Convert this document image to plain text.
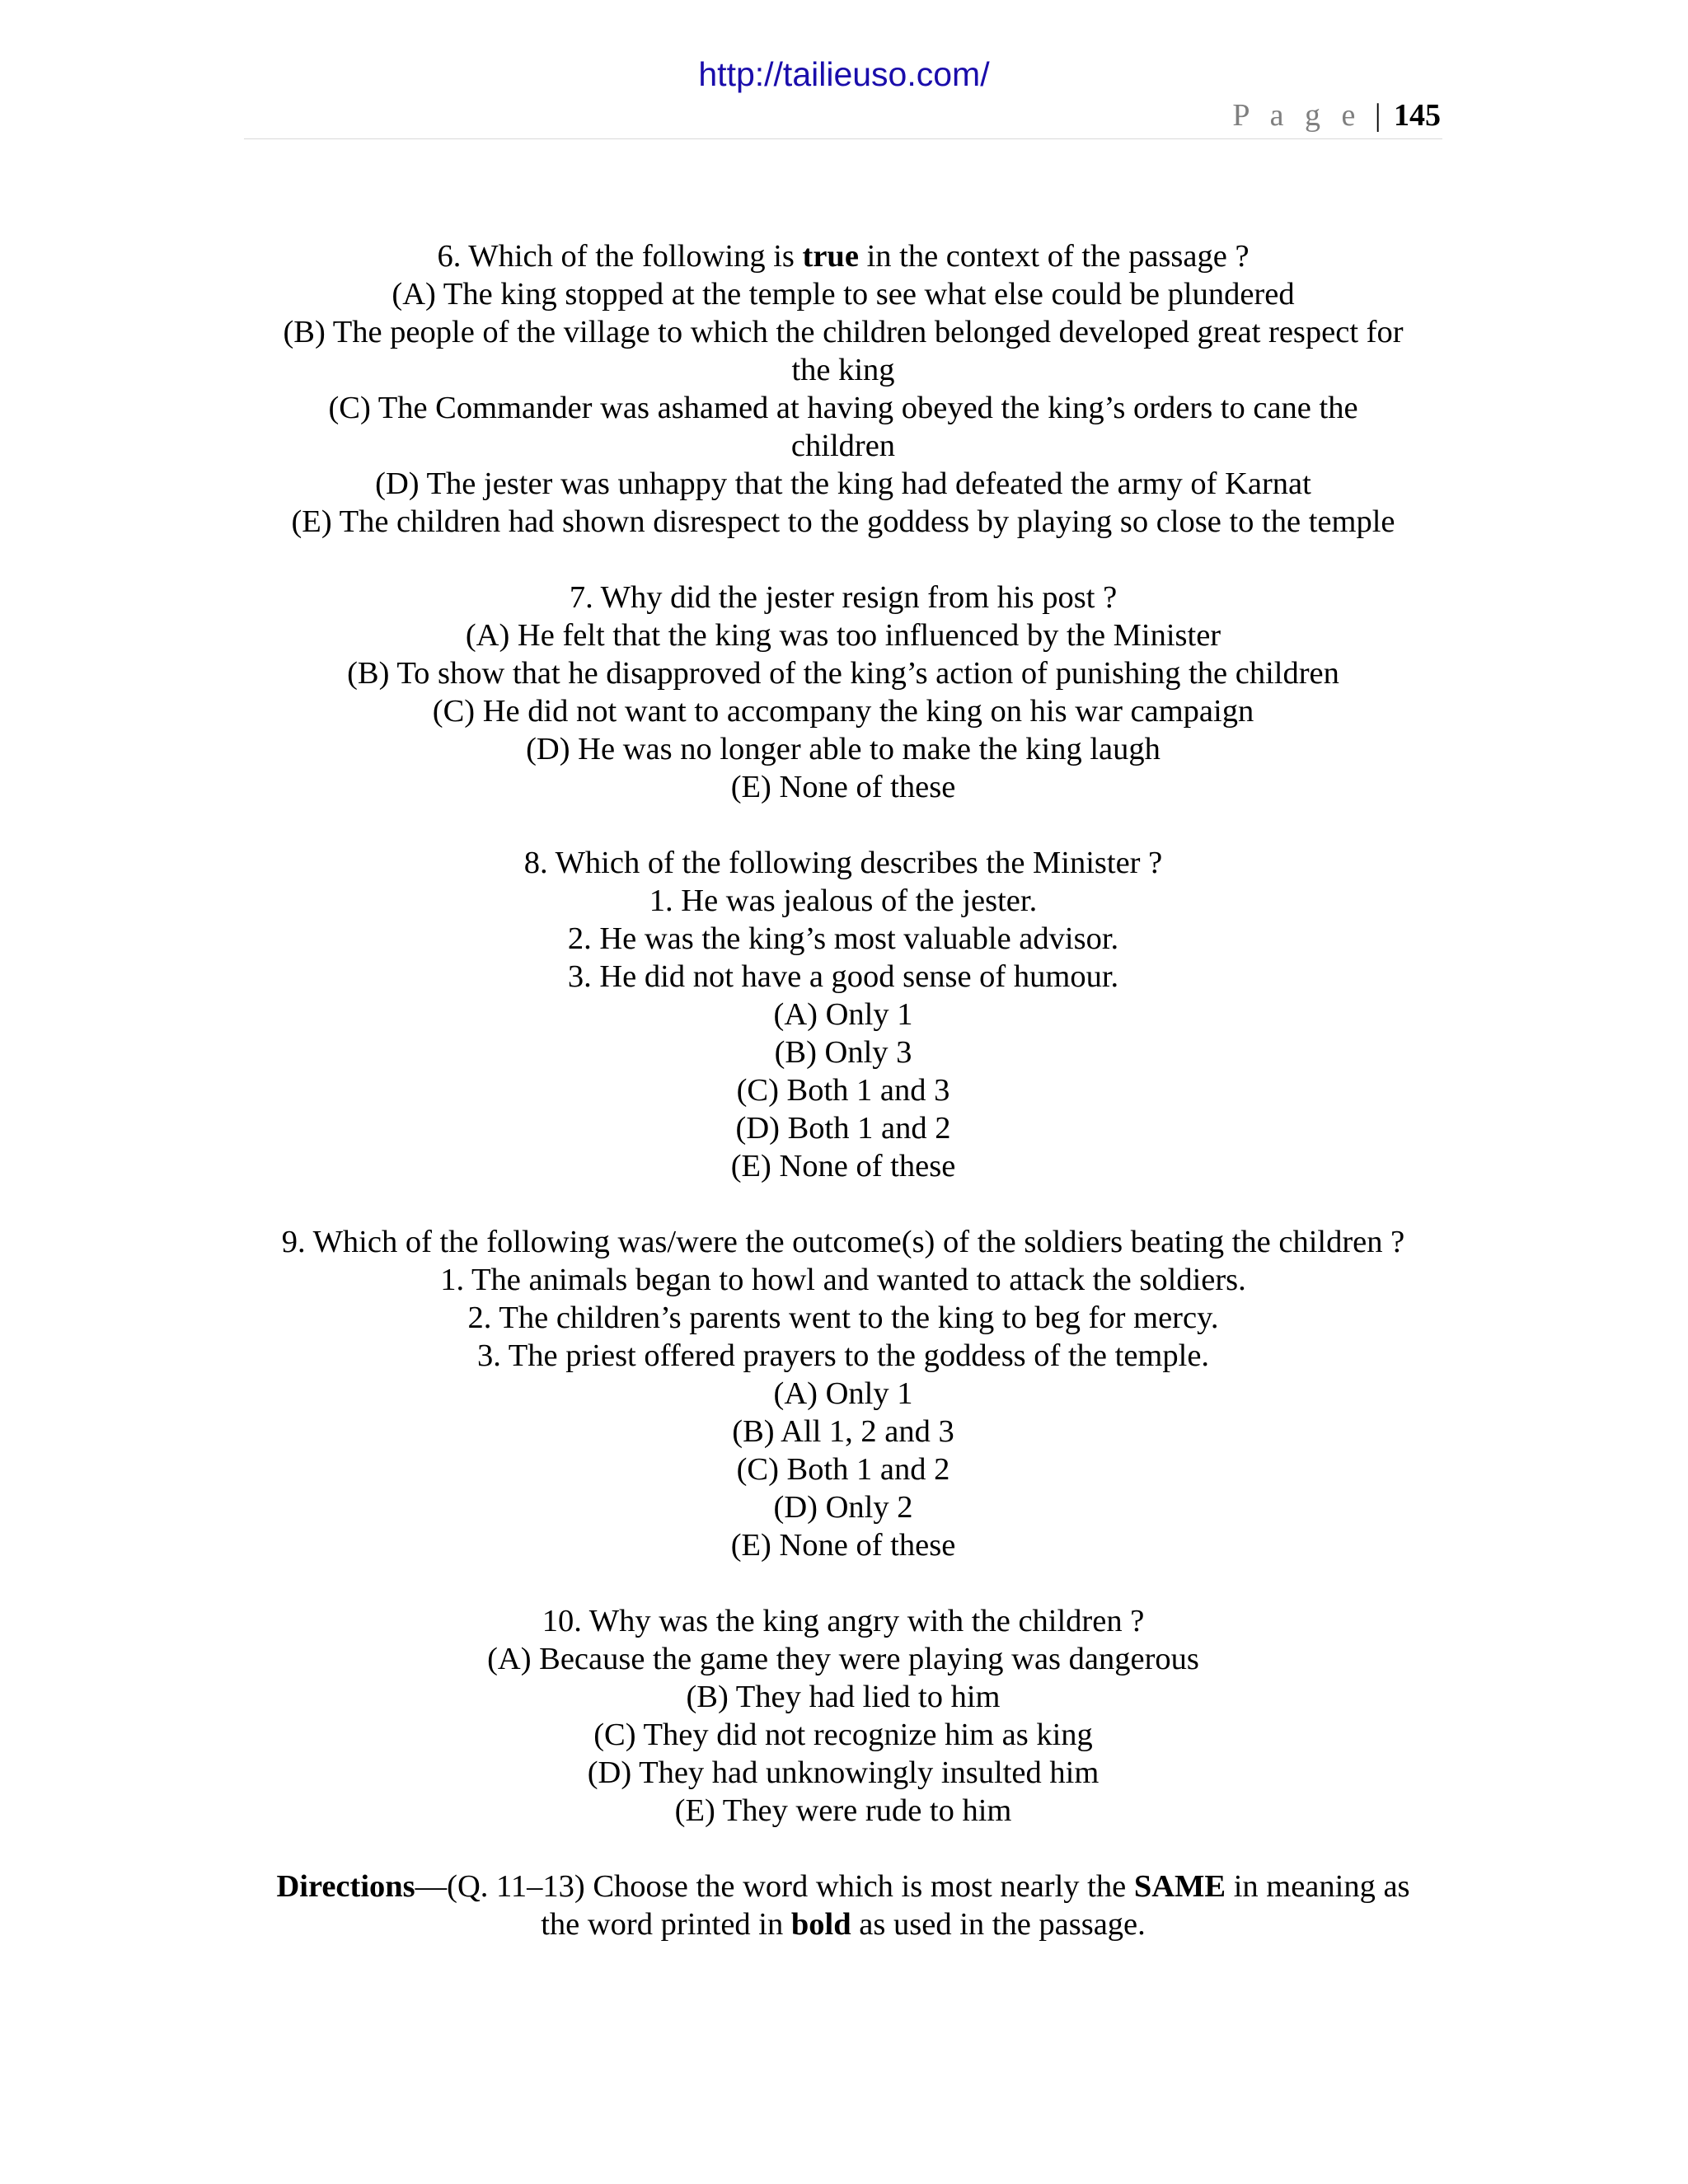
http://tailieuso.com/
P a g e | 145
6. Which of the following is true in the context of the passage ?
(A) The king stopped at the temple to see what else could be plundered
(B) The people of the village to which the children belonged developed great respect for
the king
(C) The Commander was ashamed at having obeyed the king’s orders to cane the
children
(D) The jester was unhappy that the king had defeated the army of Karnat
(E) The children had shown disrespect to the goddess by playing so close to the temple
7. Why did the jester resign from his post ?
(A) He felt that the king was too influenced by the Minister
(B) To show that he disapproved of the king’s action of punishing the children
(C) He did not want to accompany the king on his war campaign
(D) He was no longer able to make the king laugh
(E) None of these
8. Which of the following describes the Minister ?
1. He was jealous of the jester.
2. He was the king’s most valuable advisor.
3. He did not have a good sense of humour.
(A) Only 1
(B) Only 3
(C) Both 1 and 3
(D) Both 1 and 2
(E) None of these
9. Which of the following was/were the outcome(s) of the soldiers beating the children ?
1. The animals began to howl and wanted to attack the soldiers.
2. The children’s parents went to the king to beg for mercy.
3. The priest offered prayers to the goddess of the temple.
(A) Only 1
(B) All 1, 2 and 3
(C) Both 1 and 2
(D) Only 2
(E) None of these
10. Why was the king angry with the children ?
(A) Because the game they were playing was dangerous
(B) They had lied to him
(C) They did not recognize him as king
(D) They had unknowingly insulted him
(E) They were rude to him
Directions—(Q. 11–13) Choose the word which is most nearly the SAME in meaning as
the word printed in bold as used in the passage.
